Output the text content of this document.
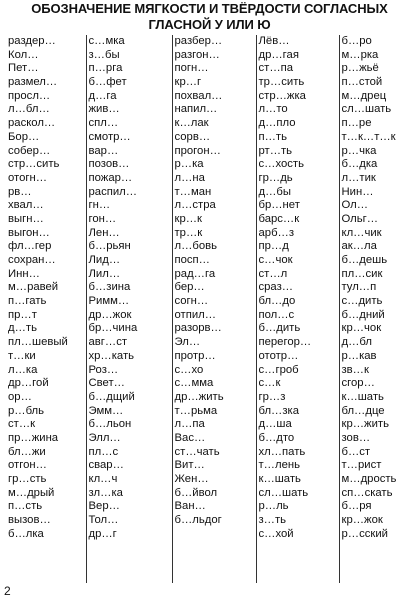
ОБОЗНАЧЕНИЕ МЯГКОСТИ И ТВЁРДОСТИ СОГЛАСНЫХ
ГЛАСНОЙ У ИЛИ Ю
раздер…
Кол…
Пет…
размел…
просл…
л…бл…
раскол…
Бор…
собер…
стр…сить
отогн…
рв…
хвал…
выгн…
выгон…
фл…гер
сохран…
Инн…
м…равей
п…гать
пр…т
д…ть
пл…шевый
т…ки
л…ка
др…гой
ор…
р…бль
ст…к
пр…жина
бл…жи
отгон…
гр…сть
м…дрый
п…сть
вызов…
б…лка

с…мка
з…бы
п…рга
б…фет
д…га
жив…
спл…
смотр…
вар…
позов…
пожар…
распил…
гн…
гон…
Лен…
б…рьян
Лид…
Лил…
б…зина
Римм…
др…жок
бр…чина
авг…ст
хр…кать
Роз…
Свет…
б…дщий
Эмм…
б…льон
Элл…
пл…с
свар…
кл…ч
зл…ка
Вер…
Тол…
др…г

разбер…
разгон…
погн…
кр…г
похвал…
напил…
к…лак
сорв…
прогон…
р…ка
л…на
т…ман
л…стра
кр…к
тр…к
л…бовь
посп…
рад…га
бер…
согн…
отпил…
разорв…
Эл…
протр…
с…хо
с…мма
др…жить
т…рьма
л…па
Вас…
ст…чать
Вит…
Жен…
б…йвол
Ван…
б…льдог

Лёв…
др…гая
ст…па
тр…сить
стр…жка
л…то
д…пло
п…ть
рт…ть
с…хость
гр…дь
д…бы
бр…нет
барс…к
арб…з
пр…д
с…чок
ст…л
сраз…
бл…до
пол…с
б…дить
перегор…
ототр…
с…гроб
с…к
гр…з
бл…зка
д…ша
б…дто
хл…пать
т…лень
к…шать
сл…шать
р…ль
з…ть
с…хой

б…ро
м…рка
р…жьё
п…стой
м…дрец
сл…шать
п…ре
т…к…т…к
р…чка
б…дка
л…тик
Нин…
Ол…
Ольг…
кл…чик
ак…ла
б…дешь
пл…сик
тул…п
с…дить
б…дний
кр…чок
д…бл
р…кав
зв…к
сгор…
к…шать
бл…дце
кр…жить
зов…
б…ст
т…рист
м…дрость
сп…скать
б…ря
кр…жок
р…сский
2
